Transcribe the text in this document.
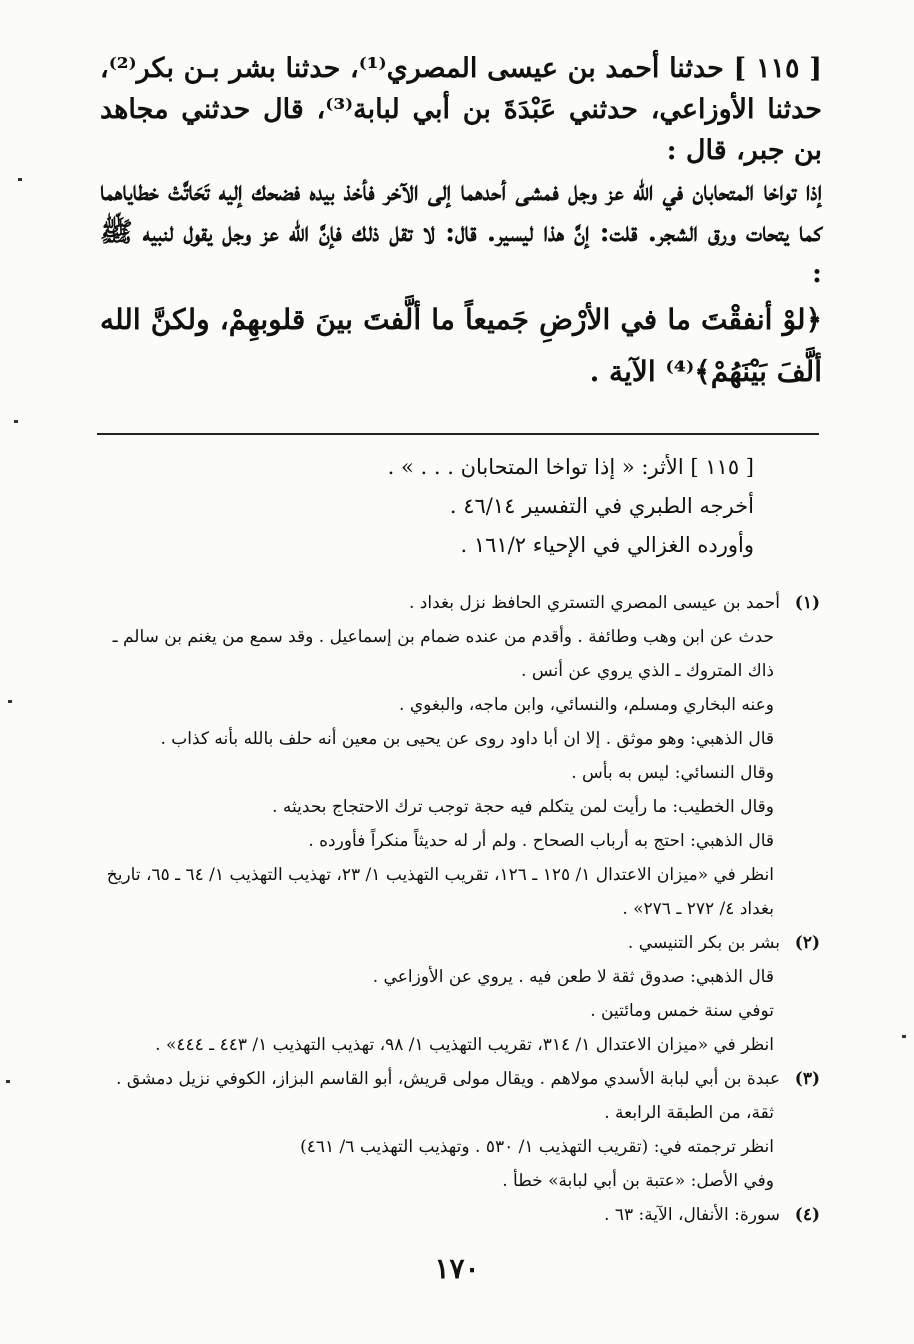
[ ١١٥ ] حدثنا أحمد بن عيسى المصري⁽¹⁾، حدثنا بشر بـن بكر⁽²⁾، حدثنا الأوزاعي، حدثني عَبْدَةَ بن أبي لبابة⁽³⁾، قال حدثني مجاهد بن جبر، قال :

إذا تواخا المتحابان في الله عز وجل فمشى أحدهما إلى الآخر فأخذ بيده فضحك إليه تَحَاتَّتْ خطاياهما كما يتحات ورق الشجر. قلت: إنَّ هذا ليسير. قال: لا تقل ذلك فإنَّ الله عز وجل يقول لنبيه ﷺ :

﴿لوْ أنفقْتَ ما في الأرْضِ جَميعاً ما ألَّفتَ بينَ قلوبهِمْ، ولكنَّ الله ألَّفَ بَيْنَهُمْ﴾⁽⁴⁾ الآية .

[ ١١٥ ] الأثر: « إذا تواخا المتحابان . . . » .

أخرجه الطبري في التفسير ٤٦/١٤ .

وأورده الغزالي في الإحياء ١٦١/٢ .

(١)أحمد بن عيسى المصري التستري الحافظ نزل بغداد .

حدث عن ابن وهب وطائفة . وأقدم من عنده ضمام بن إسماعيل . وقد سمع من يغنم بن سالم ـ ذاك المتروك ـ الذي يروي عن أنس .

وعنه البخاري ومسلم، والنسائي، وابن ماجه، والبغوي .

قال الذهبي: وهو موثق . إلا ان أبا داود روى عن يحيى بن معين أنه حلف بالله بأنه كذاب .

وقال النسائي: ليس به بأس .

وقال الخطيب: ما رأيت لمن يتكلم فيه حجة توجب ترك الاحتجاج بحديثه .

قال الذهبي: احتج به أرباب الصحاح . ولم أر له حديثاً منكراً فأورده .

انظر في «ميزان الاعتدال ١/ ١٢٥ ـ ١٢٦، تقريب التهذيب ١/ ٢٣، تهذيب التهذيب ١/ ٦٤ ـ ٦٥، تاريخ بغداد ٤/ ٢٧٢ ـ ٢٧٦» .

(٢)بشر بن بكر التنيسي .

قال الذهبي: صدوق ثقة لا طعن فيه . يروي عن الأوزاعي .

توفي سنة خمس ومائتين .

انظر في «ميزان الاعتدال ١/ ٣١٤، تقريب التهذيب ١/ ٩٨، تهذيب التهذيب ١/ ٤٤٣ ـ ٤٤٤» .

(٣)عبدة بن أبي لبابة الأسدي مولاهم . ويقال مولى قريش، أبو القاسم البزاز، الكوفي نزيل دمشق .

ثقة، من الطبقة الرابعة .

انظر ترجمته في: (تقريب التهذيب ١/ ٥٣٠ . وتهذيب التهذيب ٦/ ٤٦١)

وفي الأصل: «عتبة بن أبي لبابة» خطأ .

(٤)سورة: الأنفال، الآية: ٦٣ .

١٧٠
